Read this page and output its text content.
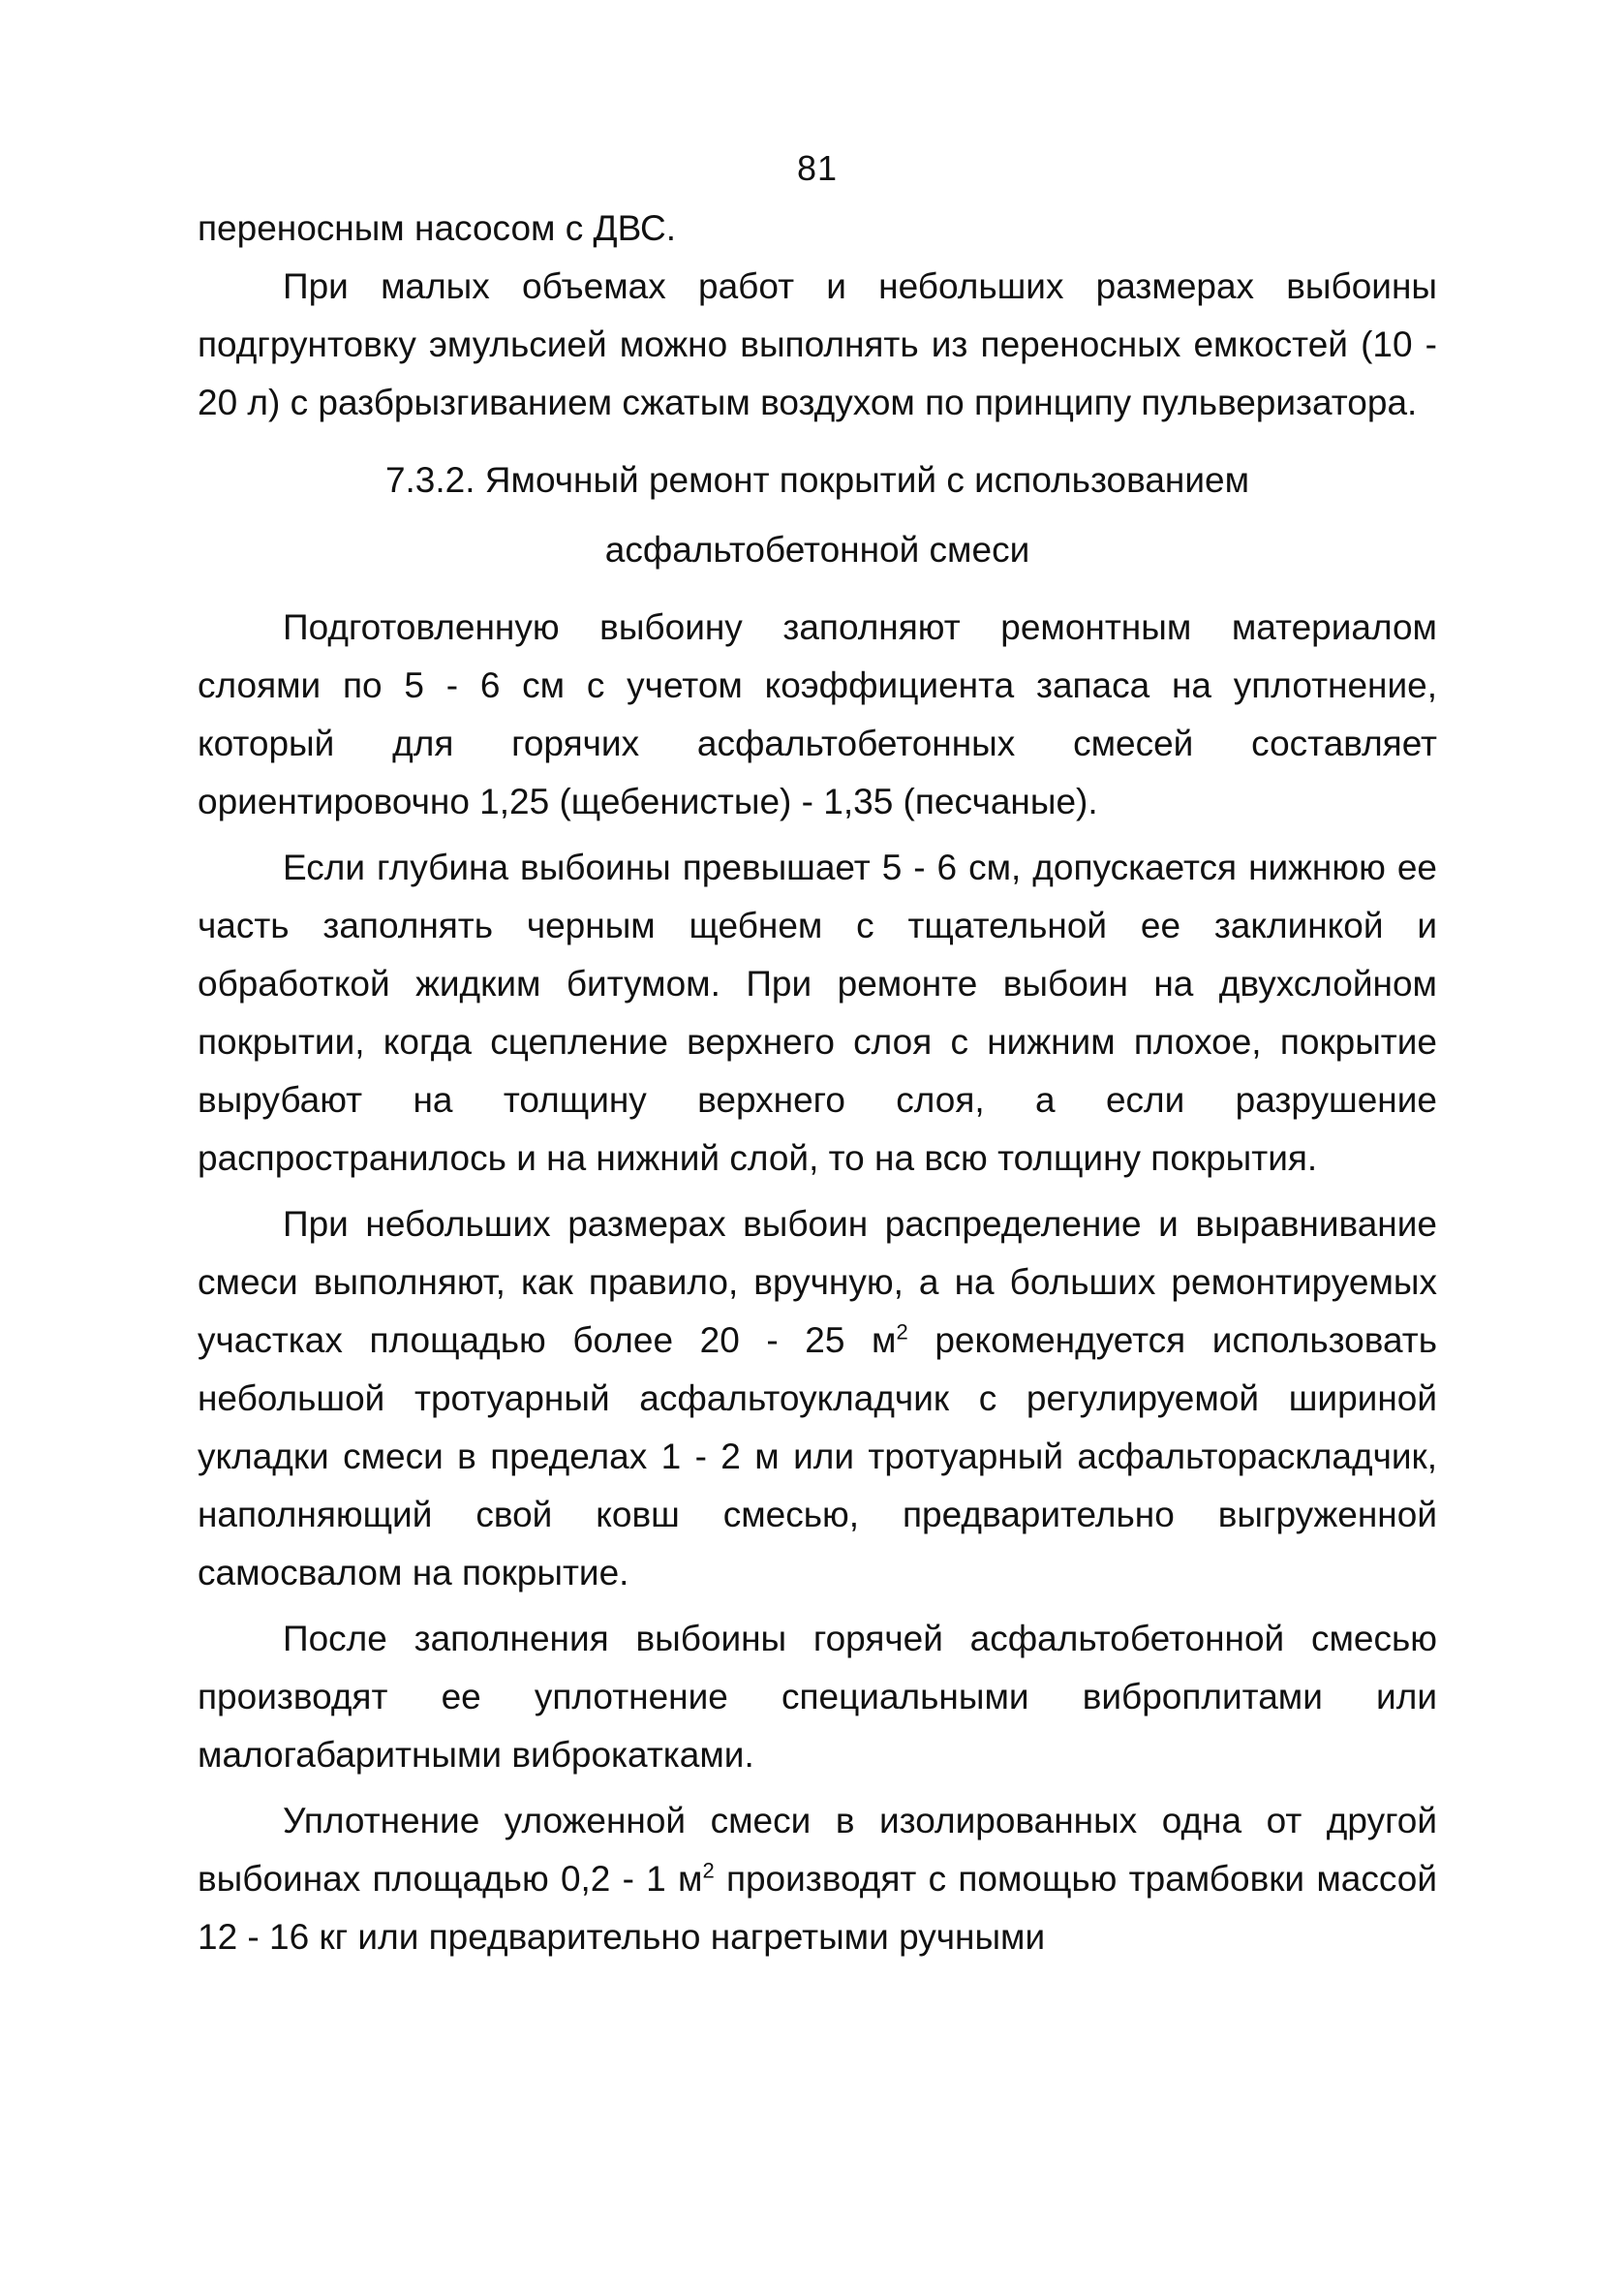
81

переносным насосом с ДВС.

При малых объемах работ и небольших размерах выбоины подгрунтовку эмульсией можно выполнять из переносных емкостей (10 - 20 л) с разбрызгиванием сжатым воздухом по принципу пульверизатора.

7.3.2. Ямочный ремонт покрытий с использованием
асфальтобетонной смеси

Подготовленную выбоину заполняют ремонтным материалом слоями по 5 - 6 см с учетом коэффициента запаса на уплотнение, который для горячих асфальтобетонных смесей составляет ориентировочно 1,25 (щебенистые) - 1,35 (песчаные).

Если глубина выбоины превышает 5 - 6 см, допускается нижнюю ее часть заполнять черным щебнем с тщательной ее заклинкой и обработкой жидким битумом. При ремонте выбоин на двухслойном покрытии, когда сцепление верхнего слоя с нижним плохое, покрытие вырубают на толщину верхнего слоя, а если разрушение распространилось и на нижний слой, то на всю толщину покрытия.

При небольших размерах выбоин распределение и выравнивание смеси выполняют, как правило, вручную, а на больших ремонтируемых участках площадью более 20 - 25 $м^2$ рекомендуется использовать небольшой тротуарный асфальтоукладчик с регулируемой шириной укладки смеси в пределах 1 - 2 м или тротуарный асфальтораскладчик, наполняющий свой ковш смесью, предварительно выгруженной самосвалом на покрытие.

После заполнения выбоины горячей асфальтобетонной смесью производят ее уплотнение специальными виброплитами или малогабаритными виброкатками.

Уплотнение уложенной смеси в изолированных одна от другой выбоинах площадью 0,2 - 1 $м^2$ производят с помощью трамбовки массой 12 - 16 кг или предварительно нагретыми ручными
